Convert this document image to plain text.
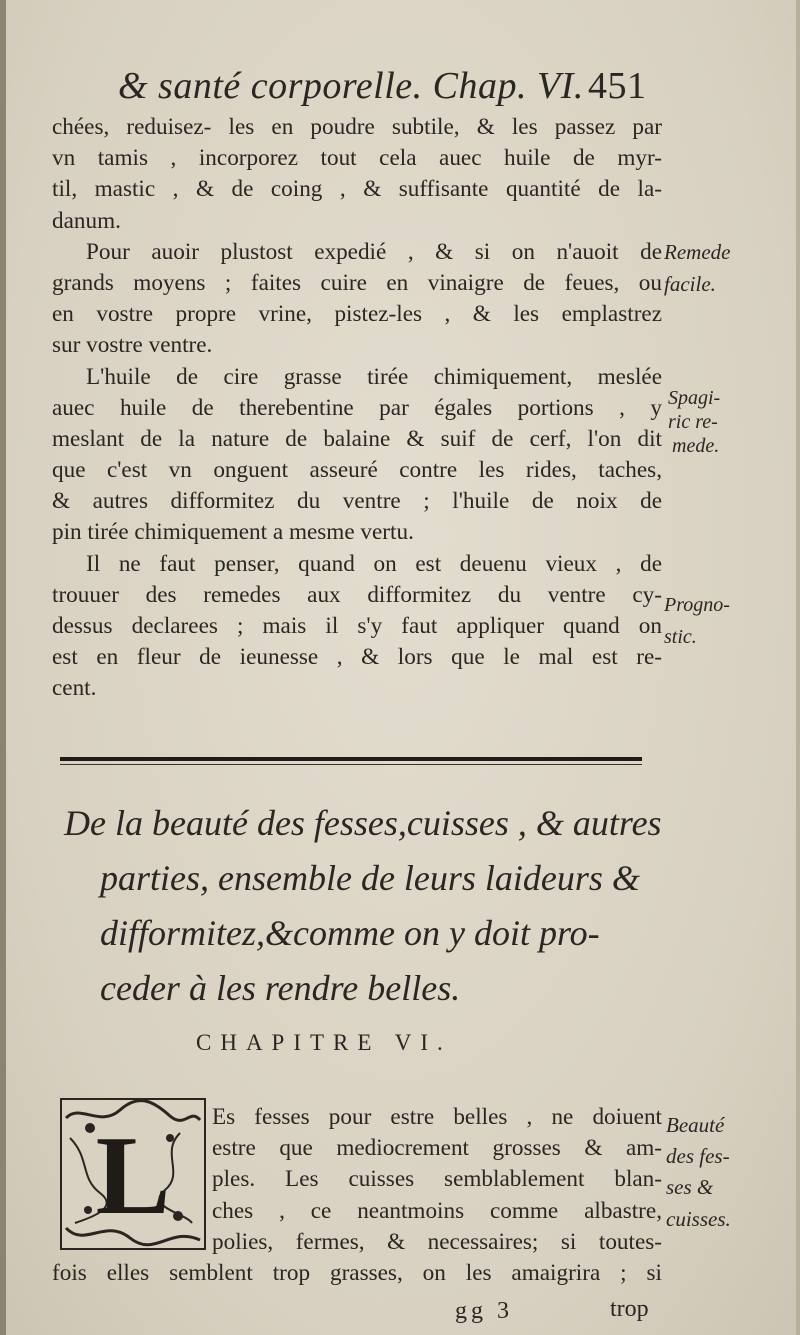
& santé corporelle. Chap. VI. 451
chées, reduisez- les en poudre subtile, & les passez par
vn tamis , incorporez tout cela auec huile de myr-
til, mastic , & de coing , & suffisante quantité de la-
danum.
Pour auoir plustost expedié , & si on n'auoit de
grands moyens ; faites cuire en vinaigre de feues, ou
en vostre propre vrine, pistez-les , & les emplastrez
sur vostre ventre.
L'huile de cire grasse tirée chimiquement, meslée
auec huile de therebentine par égales portions , y
meslant de la nature de balaine & suif de cerf, l'on dit
que c'est vn onguent asseuré contre les rides, taches,
& autres difformitez du ventre ; l'huile de noix de
pin tirée chimiquement a mesme vertu.
Il ne faut penser, quand on est deuenu vieux , de
trouuer des remedes aux difformitez du ventre cy-
dessus declarees ; mais il s'y faut appliquer quand on
est en fleur de ieunesse , & lors que le mal est re-
cent.
Remede
facile.
Spagi-
ric re-
mede.
Progno-
stic.
De la beauté des fesses,cuisses , & autres
parties, ensemble de leurs laideurs &
difformitez,&comme on y doit pro-
ceder à les rendre belles.
CHAPITRE VI.
L	Es fesses pour estre belles , ne doiuent
estre que mediocrement grosses & am-
ples. Les cuisses semblablement blan-
ches , ce neantmoins comme albastre,
polies, fermes, & necessaires; si toutes-
fois elles semblent trop grasses, on les amaigrira ; si
Beauté
des fes-
ses &
cuisses.
gg 3	trop
